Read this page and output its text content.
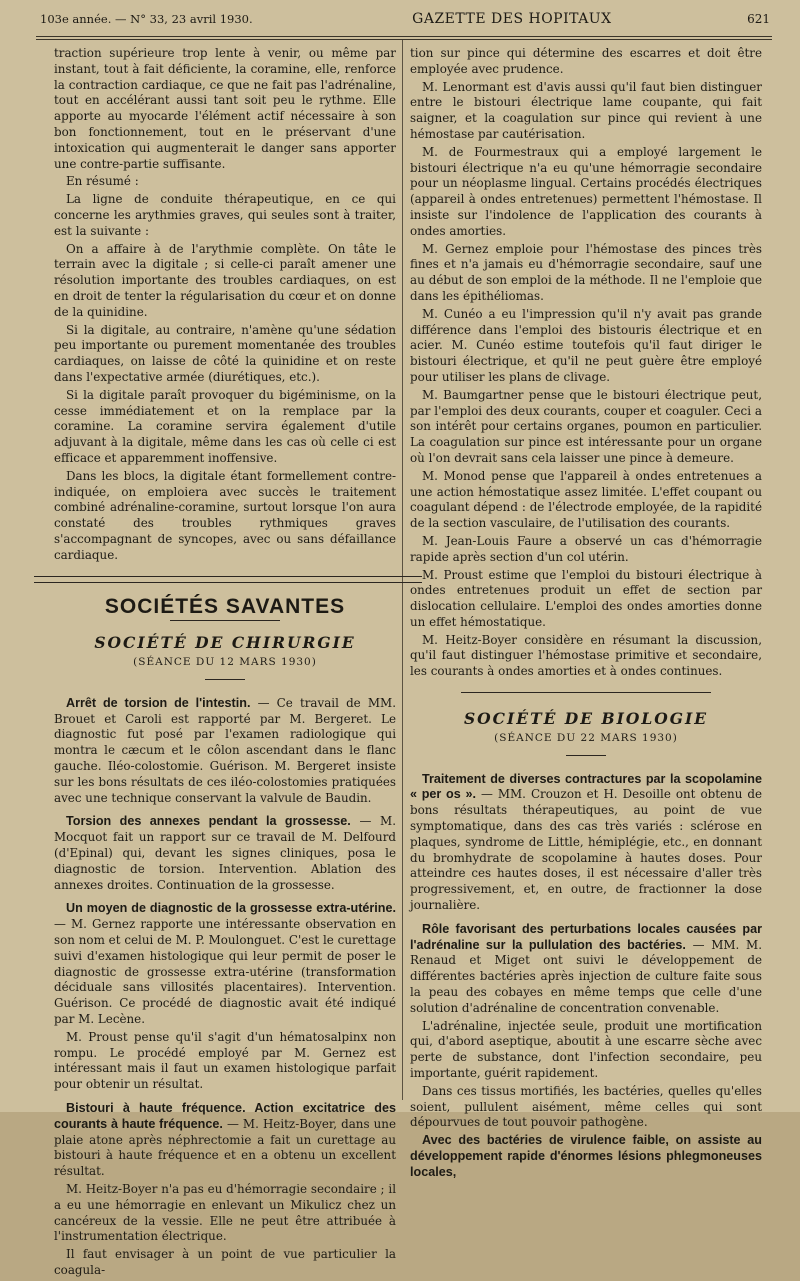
103e année. — N° 33, 23 avril 1930.	GAZETTE DES HOPITAUX	621

traction supérieure trop lente à venir, ou même par instant, tout à fait déficiente, la coramine, elle, renforce la contraction cardiaque, ce que ne fait pas l'adrénaline, tout en accélérant aussi tant soit peu le rythme. Elle apporte au myocarde l'élément actif nécessaire à son bon fonctionnement, tout en le préservant d'une intoxication qui augmenterait le danger sans apporter une contre-partie suffisante.

En résumé :

La ligne de conduite thérapeutique, en ce qui concerne les arythmies graves, qui seules sont à traiter, est la suivante :

On a affaire à de l'arythmie complète. On tâte le terrain avec la digitale ; si celle-ci paraît amener une résolution importante des troubles cardiaques, on est en droit de tenter la régularisation du cœur et on donne de la quinidine.

Si la digitale, au contraire, n'amène qu'une sédation peu importante ou purement momentanée des troubles cardiaques, on laisse de côté la quinidine et on reste dans l'expectative armée (diurétiques, etc.).

Si la digitale paraît provoquer du bigéminisme, on la cesse immédiatement et on la remplace par la coramine. La coramine servira également d'utile adjuvant à la digitale, même dans les cas où celle ci est efficace et apparemment inoffensive.

Dans les blocs, la digitale étant formellement contre-indiquée, on emploiera avec succès le traitement combiné adrénaline-coramine, surtout lorsque l'on aura constaté des troubles rythmiques graves s'accompagnant de syncopes, avec ou sans défaillance cardiaque.

SOCIÉTÉS SAVANTES
SOCIÉTÉ DE CHIRURGIE
(SÉANCE DU 12 MARS 1930)

Arrêt de torsion de l'intestin. — Ce travail de MM. Brouet et Caroli est rapporté par M. Bergeret. Le diagnostic fut posé par l'examen radiologique qui montra le cæcum et le côlon ascendant dans le flanc gauche. Iléo-colostomie. Guérison. M. Bergeret insiste sur les bons résultats de ces iléo-colostomies pratiquées avec une technique conservant la valvule de Baudin.

Torsion des annexes pendant la grossesse. — M. Mocquot fait un rapport sur ce travail de M. Delfourd (d'Epinal) qui, devant les signes cliniques, posa le diagnostic de torsion. Intervention. Ablation des annexes droites. Continuation de la grossesse.

Un moyen de diagnostic de la grossesse extra-utérine. — M. Gernez rapporte une intéressante observation en son nom et celui de M. P. Moulonguet. C'est le curettage suivi d'examen histologique qui leur permit de poser le diagnostic de grossesse extra-utérine (transformation déciduale sans villosités placentaires). Intervention. Guérison. Ce procédé de diagnostic avait été indiqué par M. Lecène.

M. Proust pense qu'il s'agit d'un hématosalpinx non rompu. Le procédé employé par M. Gernez est intéressant mais il faut un examen histologique parfait pour obtenir un résultat.

Bistouri à haute fréquence. Action excitatrice des courants à haute fréquence. — M. Heitz-Boyer, dans une plaie atone après néphrectomie a fait un curettage au bistouri à haute fréquence et en a obtenu un excellent résultat.

M. Heitz-Boyer n'a pas eu d'hémorragie secondaire ; il a eu une hémorragie en enlevant un Mikulicz chez un cancéreux de la vessie. Elle ne peut être attribuée à l'instrumentation électrique.

Il faut envisager à un point de vue particulier la coagula-

tion sur pince qui détermine des escarres et doit être employée avec prudence.

M. Lenormant est d'avis aussi qu'il faut bien distinguer entre le bistouri électrique lame coupante, qui fait saigner, et la coagulation sur pince qui revient à une hémostase par cautérisation.

M. de Fourmestraux qui a employé largement le bistouri électrique n'a eu qu'une hémorragie secondaire pour un néoplasme lingual. Certains procédés électriques (appareil à ondes entretenues) permettent l'hémostase. Il insiste sur l'indolence de l'application des courants à ondes amorties.

M. Gernez emploie pour l'hémostase des pinces très fines et n'a jamais eu d'hémorragie secondaire, sauf une au début de son emploi de la méthode. Il ne l'emploie que dans les épithéliomas.

M. Cunéo a eu l'impression qu'il n'y avait pas grande différence dans l'emploi des bistouris électrique et en acier. M. Cunéo estime toutefois qu'il faut diriger le bistouri électrique, et qu'il ne peut guère être employé pour utiliser les plans de clivage.

M. Baumgartner pense que le bistouri électrique peut, par l'emploi des deux courants, couper et coaguler. Ceci a son intérêt pour certains organes, poumon en particulier. La coagulation sur pince est intéressante pour un organe où l'on devrait sans cela laisser une pince à demeure.

M. Monod pense que l'appareil à ondes entretenues a une action hémostatique assez limitée. L'effet coupant ou coagulant dépend : de l'électrode employée, de la rapidité de la section vasculaire, de l'utilisation des courants.

M. Jean-Louis Faure a observé un cas d'hémorragie rapide après section d'un col utérin.

M. Proust estime que l'emploi du bistouri électrique à ondes entretenues produit un effet de section par dislocation cellulaire. L'emploi des ondes amorties donne un effet hémostatique.

M. Heitz-Boyer considère en résumant la discussion, qu'il faut distinguer l'hémostase primitive et secondaire, les courants à ondes amorties et à ondes continues.

SOCIÉTÉ DE BIOLOGIE
(SÉANCE DU 22 MARS 1930)

Traitement de diverses contractures par la scopolamine « per os ». — MM. Crouzon et H. Desoille ont obtenu de bons résultats thérapeutiques, au point de vue symptomatique, dans des cas très variés : sclérose en plaques, syndrome de Little, hémiplégie, etc., en donnant du bromhydrate de scopolamine à hautes doses. Pour atteindre ces hautes doses, il est nécessaire d'aller très progressivement, et, en outre, de fractionner la dose journalière.

Rôle favorisant des perturbations locales causées par l'adrénaline sur la pullulation des bactéries. — MM. M. Renaud et Miget ont suivi le développement de différentes bactéries après injection de culture faite sous la peau des cobayes en même temps que celle d'une solution d'adrénaline de concentration convenable.

L'adrénaline, injectée seule, produit une mortification qui, d'abord aseptique, aboutit à une escarre sèche avec perte de substance, dont l'infection secondaire, peu importante, guérit rapidement.

Dans ces tissus mortifiés, les bactéries, quelles qu'elles soient, pullulent aisément, même celles qui sont dépourvues de tout pouvoir pathogène.

Avec des bactéries de virulence faible, on assiste au développement rapide d'énormes lésions phlegmoneuses locales,
